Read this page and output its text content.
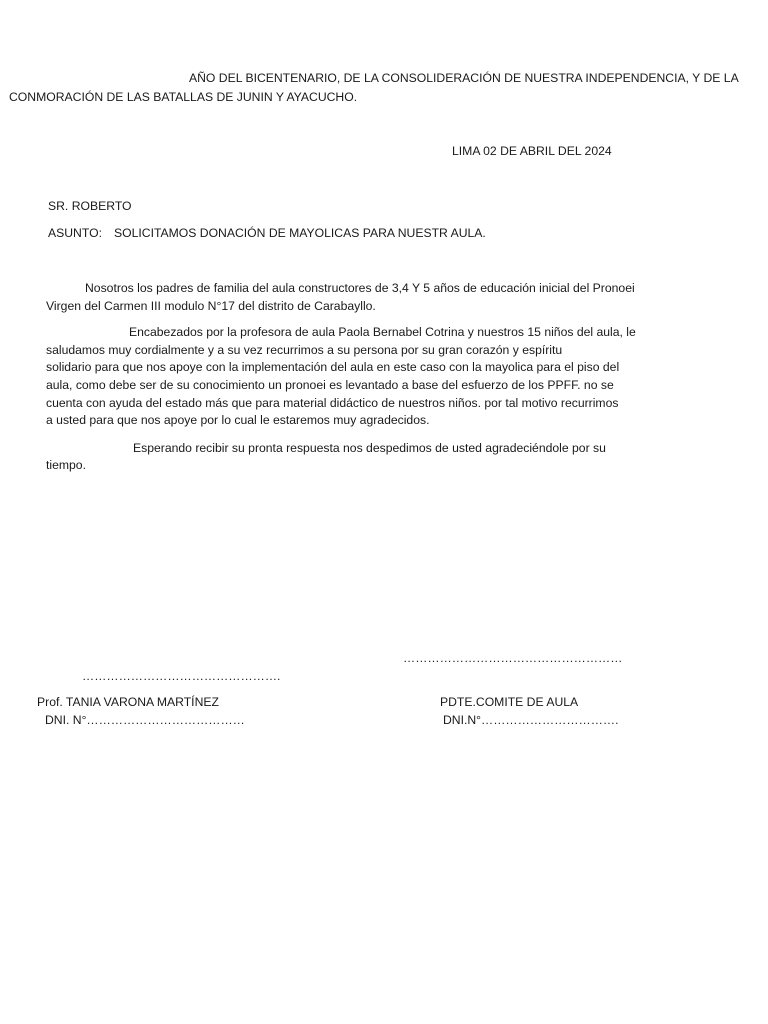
AÑO DEL BICENTENARIO, DE LA CONSOLIDERACIÓN DE NUESTRA INDEPENDENCIA, Y DE LA
CONMORACIÓN DE LAS BATALLAS DE JUNIN Y AYACUCHO.
LIMA 02 DE ABRIL DEL 2024
SR. ROBERTO
ASUNTO: SOLICITAMOS DONACIÓN DE MAYOLICAS PARA NUESTR AULA.
Nosotros los padres de familia del aula constructores de 3,4 Y 5 años de educación inicial del Pronoei
Virgen del Carmen III modulo N°17 del distrito de Carabayllo.
Encabezados por la profesora de aula Paola Bernabel Cotrina y nuestros 15 niños del aula, le
saludamos muy cordialmente y a su vez recurrimos a su persona por su gran corazón y espíritu
solidario para que nos apoye con la implementación del aula en este caso con la mayolica para el piso del
aula, como debe ser de su conocimiento un pronoei es levantado a base del esfuerzo de los PPFF. no se
cuenta con ayuda del estado más que para material didáctico de nuestros niños. por tal motivo recurrimos
a usted para que nos apoye por lo cual le estaremos muy agradecidos.
Esperando recibir su pronta respuesta nos despedimos de usted agradeciéndole por su
tiempo.
………………………………………………
………………………………………….
Prof. TANIA VARONA MARTÍNEZ
DNI. N°…………………………………
PDTE.COMITE DE AULA
DNI.N°…………………………….
